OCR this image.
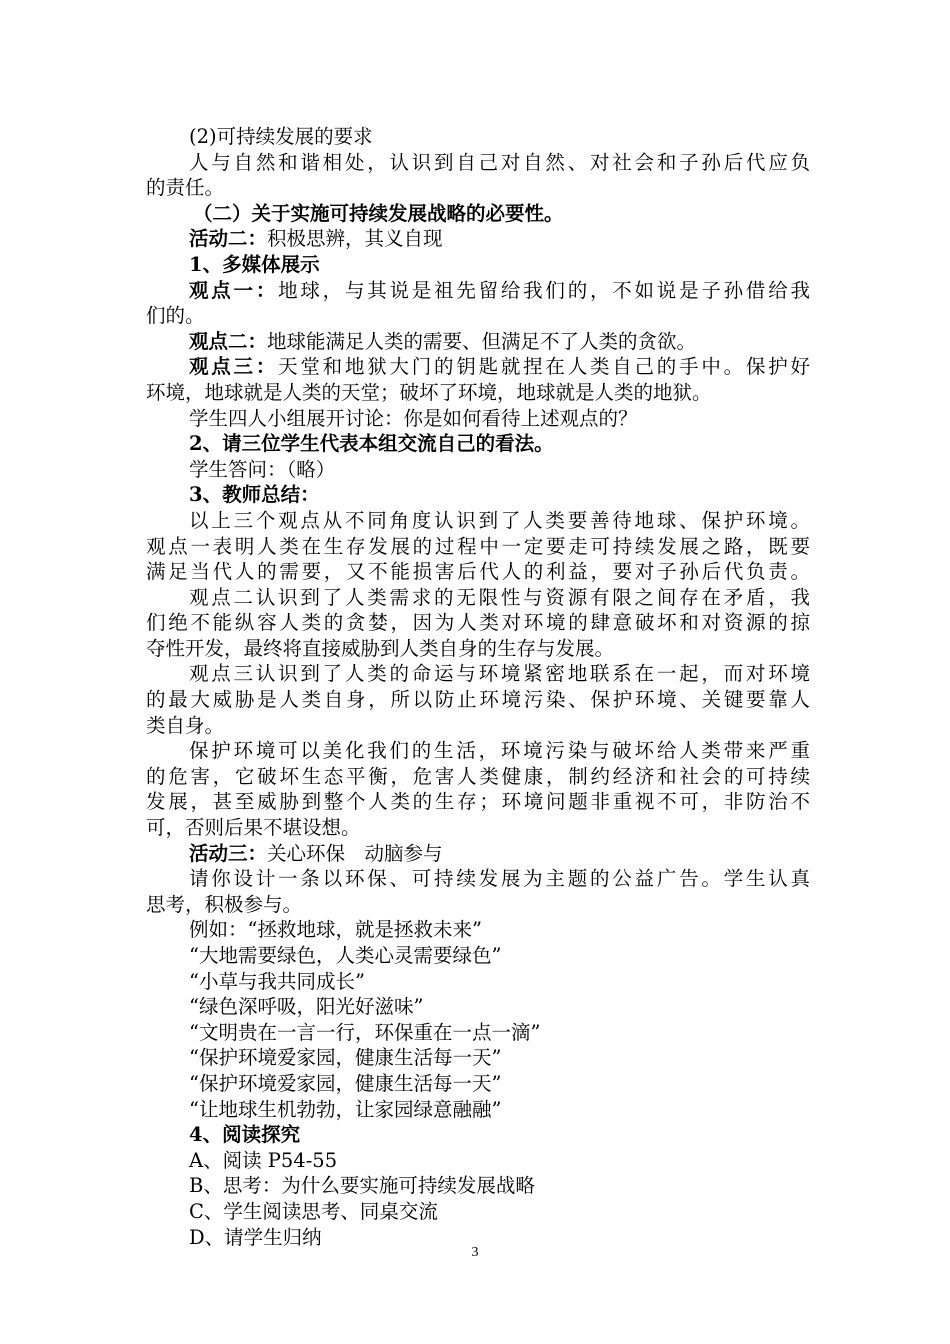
(2)可持续发展的要求
人与自然和谐相处，认识到自己对自然、对社会和子孙后代应负
的责任。
（二）关于实施可持续发展战略的必要性。
活动二：积极思辨，其义自现
1、多媒体展示
观点一：地球，与其说是祖先留给我们的，不如说是子孙借给我
们的。
观点二：地球能满足人类的需要、但满足不了人类的贪欲。
观点三：天堂和地狱大门的钥匙就捏在人类自己的手中。保护好
环境，地球就是人类的天堂；破坏了环境，地球就是人类的地狱。
学生四人小组展开讨论：你是如何看待上述观点的？
2、请三位学生代表本组交流自己的看法。
学生答问：（略）
3、教师总结：
以上三个观点从不同角度认识到了人类要善待地球、保护环境。
观点一表明人类在生存发展的过程中一定要走可持续发展之路，既要
满足当代人的需要，又不能损害后代人的利益，要对子孙后代负责。
观点二认识到了人类需求的无限性与资源有限之间存在矛盾，我
们绝不能纵容人类的贪婪，因为人类对环境的肆意破坏和对资源的掠
夺性开发，最终将直接威胁到人类自身的生存与发展。
观点三认识到了人类的命运与环境紧密地联系在一起，而对环境
的最大威胁是人类自身，所以防止环境污染、保护环境、关键要靠人
类自身。
保护环境可以美化我们的生活，环境污染与破坏给人类带来严重
的危害，它破坏生态平衡，危害人类健康，制约经济和社会的可持续
发展，甚至威胁到整个人类的生存；环境问题非重视不可，非防治不
可，否则后果不堪设想。
活动三：关心环保　动脑参与
请你设计一条以环保、可持续发展为主题的公益广告。学生认真
思考，积极参与。
例如：“拯救地球，就是拯救未来”
“大地需要绿色，人类心灵需要绿色”
“小草与我共同成长”
“绿色深呼吸，阳光好滋味”
“文明贵在一言一行，环保重在一点一滴”
“保护环境爱家园，健康生活每一天”
“保护环境爱家园，健康生活每一天”
“让地球生机勃勃，让家园绿意融融”
4、阅读探究
A、阅读 P54-55
B、思考：为什么要实施可持续发展战略
C、学生阅读思考、同桌交流
D、请学生归纳
3
